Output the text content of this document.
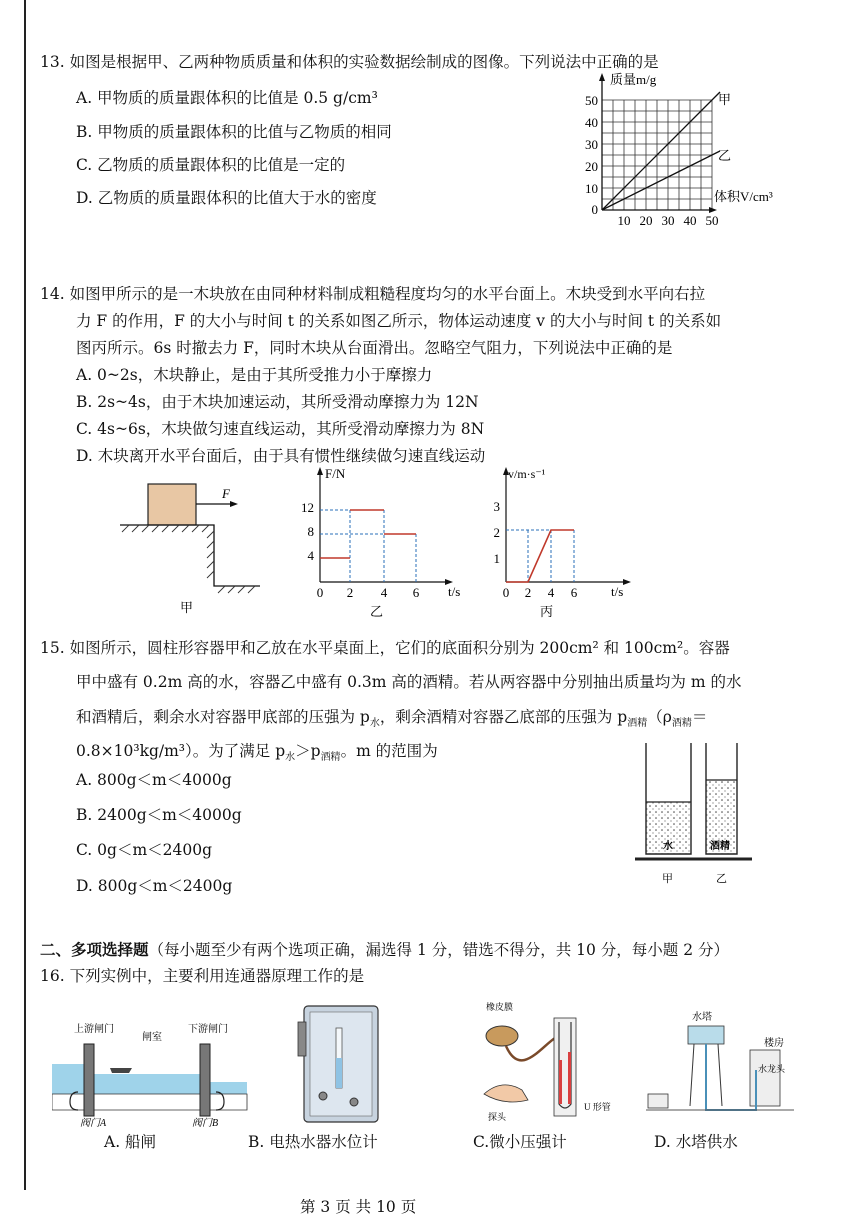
13. 如图是根据甲、乙两种物质质量和体积的实验数据绘制成的图像。下列说法中正确的是
A. 甲物质的质量跟体积的比值是 0.5 g/cm³
B. 甲物质的质量跟体积的比值与乙物质的相同
C. 乙物质的质量跟体积的比值是一定的
D. 乙物质的质量跟体积的比值大于水的密度
质量m/g
体积V/cm³
50
40
30
20
10
0
10 20 30 40 50
甲
乙
14. 如图甲所示的是一木块放在由同种材料制成粗糙程度均匀的水平台面上。木块受到水平向右拉
力 F 的作用，F 的大小与时间 t 的关系如图乙所示，物体运动速度 v 的大小与时间 t 的关系如
图丙所示。6s 时撤去力 F，同时木块从台面滑出。忽略空气阻力，下列说法中正确的是
A. 0~2s，木块静止，是由于其所受推力小于摩擦力
B. 2s~4s，由于木块加速运动，其所受滑动摩擦力为 12N
C. 4s~6s，木块做匀速直线运动，其所受滑动摩擦力为 8N
D. 木块离开水平台面后，由于具有惯性继续做匀速直线运动
F
甲
F/N
t/s
12
8
4
0 2 4 6
乙
v/m·s⁻¹
t/s
3
2
1
0 2 4 6
丙
15. 如图所示，圆柱形容器甲和乙放在水平桌面上，它们的底面积分别为 200cm² 和 100cm²。容器
甲中盛有 0.2m 高的水，容器乙中盛有 0.3m 高的酒精。若从两容器中分别抽出质量均为 m 的水
和酒精后，剩余水对容器甲底部的压强为 $p_水$，剩余酒精对容器乙底部的压强为 $p_{酒精}(\rho_{酒精}=$
0.8×10³kg/m³）。为了满足 $p_水>p_{酒精}$。m 的范围为
A. 800g＜m＜4000g
B. 2400g＜m＜4000g
C. 0g＜m＜2400g
D. 800g＜m＜2400g
水	酒精
甲	乙
二、多项选择题（每小题至少有两个选项正确，漏选得 1 分，错选不得分，共 10 分，每小题 2 分）
16. 下列实例中，主要利用连通器原理工作的是
上游闸门
闸室
下游闸门
阀门A	阀门B
A. 船闸	B. 电热水器水位计
橡皮膜
探头
U 形管
C.微小压强计
水塔
楼房
水龙头
D. 水塔供水
第 3 页 共 10 页
